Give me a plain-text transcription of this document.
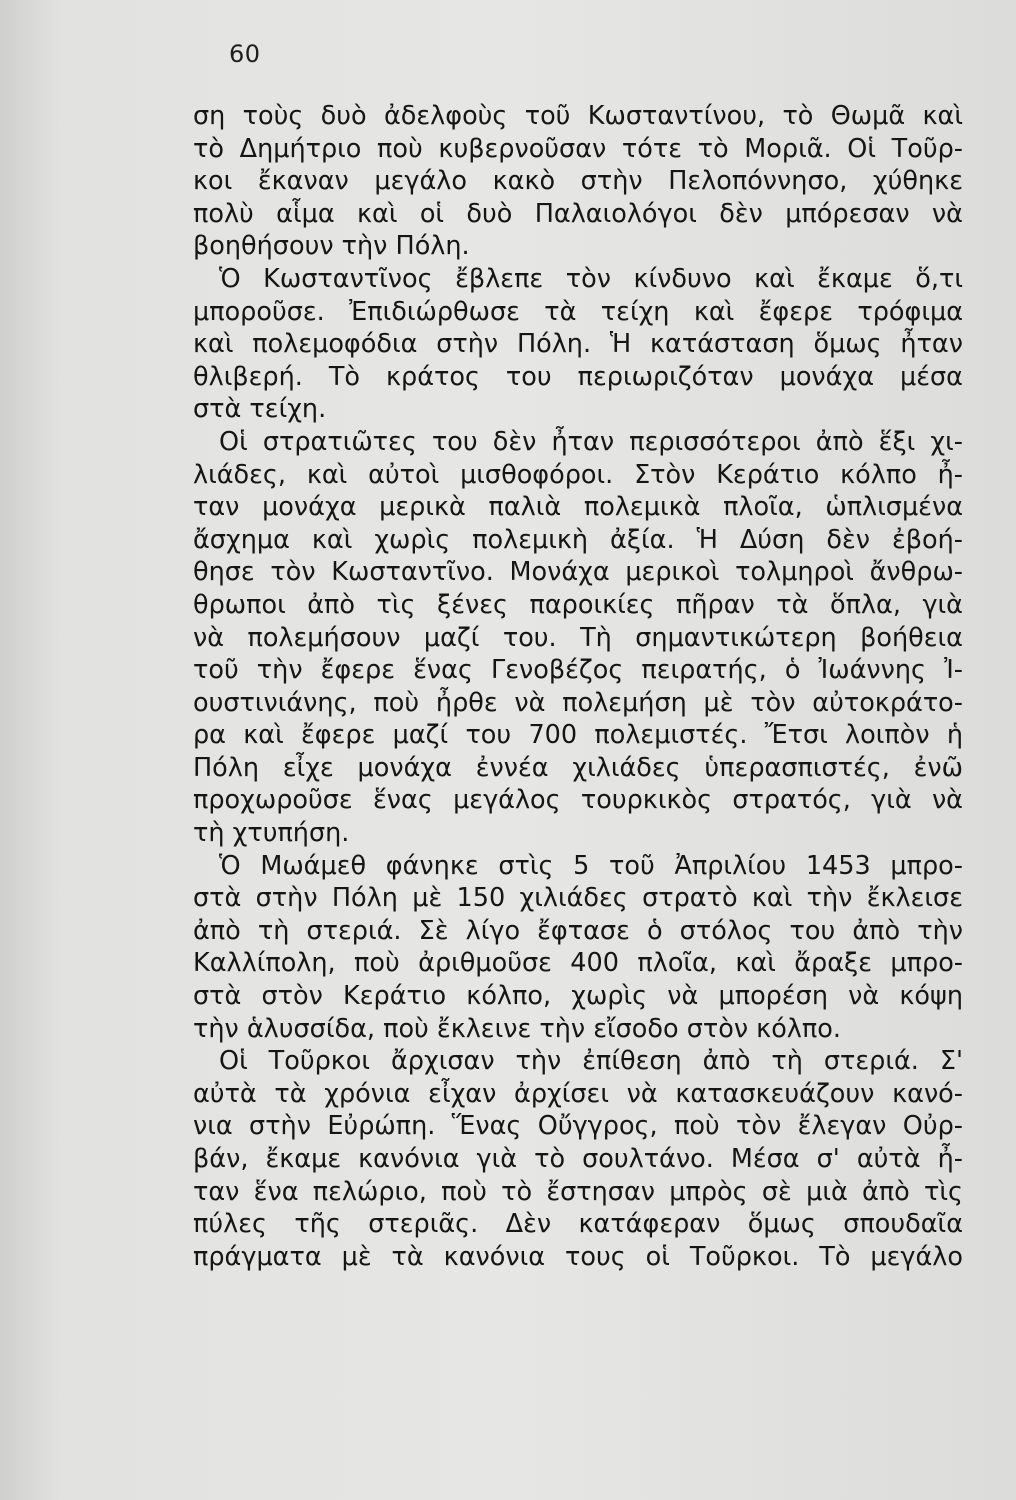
60
ση τοὺς δυὸ ἀδελφοὺς τοῦ Κωσταντίνου, τὸ Θωμᾶ καὶ
τὸ Δημήτριο ποὺ κυβερνοῦσαν τότε τὸ Μοριᾶ. Οἱ Τοῦρ-
κοι ἔκαναν μεγάλο κακὸ στὴν Πελοπόννησο, χύθηκε
πολὺ αἷμα καὶ οἱ δυὸ Παλαιολόγοι δὲν μπόρεσαν νὰ
βοηθήσουν τὴν Πόλη.
Ὁ Κωσταντῖνος ἔβλεπε τὸν κίνδυνο καὶ ἔκαμε ὅ,τι
μποροῦσε. Ἐπιδιώρθωσε τὰ τείχη καὶ ἔφερε τρόφιμα
καὶ πολεμοφόδια στὴν Πόλη. Ἡ κατάσταση ὅμως ἦταν
θλιβερή. Τὸ κράτος του περιωριζόταν μονάχα μέσα
στὰ τείχη.
Οἱ στρατιῶτες του δὲν ἦταν περισσότεροι ἀπὸ ἕξι χι-
λιάδες, καὶ αὐτοὶ μισθοφόροι. Στὸν Κεράτιο κόλπο ἦ-
ταν μονάχα μερικὰ παλιὰ πολεμικὰ πλοῖα, ὡπλισμένα
ἄσχημα καὶ χωρὶς πολεμικὴ ἀξία. Ἡ Δύση δὲν ἐβοή-
θησε τὸν Κωσταντῖνο. Μονάχα μερικοὶ τολμηροὶ ἄνθρω-
θρωποι ἀπὸ τὶς ξένες παροικίες πῆραν τὰ ὅπλα, γιὰ
νὰ πολεμήσουν μαζί του. Τὴ σημαντικώτερη βοήθεια
τοῦ τὴν ἔφερε ἕνας Γενοβέζος πειρατής, ὁ Ἰωάννης Ἰ-
ουστινιάνης, ποὺ ἦρθε νὰ πολεμήση μὲ τὸν αὐτοκράτο-
ρα καὶ ἔφερε μαζί του 700 πολεμιστές. Ἔτσι λοιπὸν ἡ
Πόλη εἶχε μονάχα ἐννέα χιλιάδες ὑπερασπιστές, ἐνῶ
προχωροῦσε ἕνας μεγάλος τουρκικὸς στρατός, γιὰ νὰ
τὴ χτυπήση.
Ὁ Μωάμεθ φάνηκε στὶς 5 τοῦ Ἀπριλίου 1453 μπρο-
στὰ στὴν Πόλη μὲ 150 χιλιάδες στρατὸ καὶ τὴν ἔκλεισε
ἀπὸ τὴ στεριά. Σὲ λίγο ἔφτασε ὁ στόλος του ἀπὸ τὴν
Καλλίπολη, ποὺ ἀριθμοῦσε 400 πλοῖα, καὶ ἄραξε μπρο-
στὰ στὸν Κεράτιο κόλπο, χωρὶς νὰ μπορέση νὰ κόψη
τὴν ἁλυσσίδα, ποὺ ἔκλεινε τὴν εἴσοδο στὸν κόλπο.
Οἱ Τοῦρκοι ἄρχισαν τὴν ἐπίθεση ἀπὸ τὴ στεριά. Σ'
αὐτὰ τὰ χρόνια εἶχαν ἀρχίσει νὰ κατασκευάζουν κανό-
νια στὴν Εὐρώπη. Ἕνας Οὔγγρος, ποὺ τὸν ἔλεγαν Οὐρ-
βάν, ἔκαμε κανόνια γιὰ τὸ σουλτάνο. Μέσα σ' αὐτὰ ἦ-
ταν ἕνα πελώριο, ποὺ τὸ ἔστησαν μπρὸς σὲ μιὰ ἀπὸ τὶς
πύλες τῆς στεριᾶς. Δὲν κατάφεραν ὅμως σπουδαῖα
πράγματα μὲ τὰ κανόνια τους οἱ Τοῦρκοι. Τὸ μεγάλο
